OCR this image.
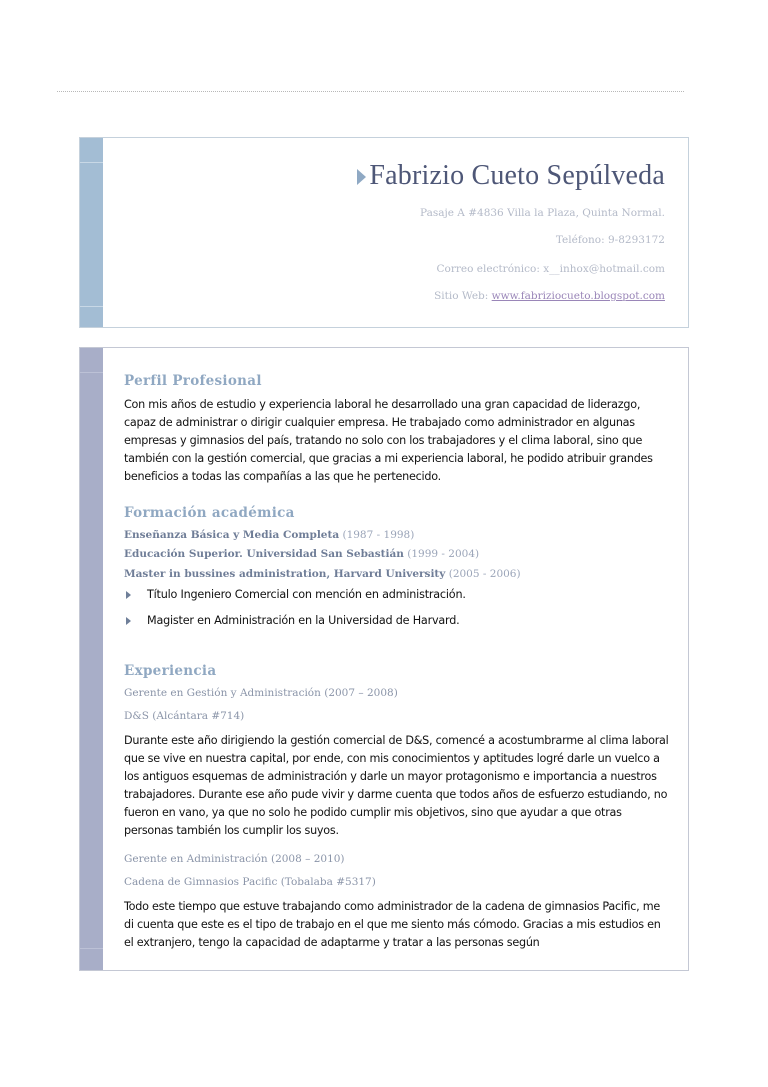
Fabrizio Cueto Sepúlveda
Pasaje A #4836 Villa la Plaza, Quinta Normal.
Teléfono: 9-8293172
Correo electrónico: x__inhox@hotmail.com
Sitio Web: www.fabriziocueto.blogspot.com
Perfil Profesional
Con mis años de estudio y experiencia laboral he desarrollado una gran capacidad de liderazgo, capaz de administrar o dirigir cualquier empresa. He trabajado como administrador en algunas empresas y gimnasios del país, tratando no solo con los trabajadores y el clima laboral, sino que también con la gestión comercial, que gracias a mi experiencia laboral, he podido atribuir grandes beneficios a todas las compañías a las que he pertenecido.
Formación académica
Enseñanza Básica y Media Completa (1987 - 1998)
Educación Superior. Universidad San Sebastián (1999 - 2004)
Master in bussines administration, Harvard University (2005 - 2006)
Título Ingeniero Comercial con mención en administración.
Magister en Administración en la Universidad de Harvard.
Experiencia
Gerente en Gestión y Administración (2007 – 2008)
D&S (Alcántara #714)
Durante este año dirigiendo la gestión comercial de D&S, comencé a acostumbrarme al clima laboral que se vive en nuestra capital, por ende, con mis conocimientos y aptitudes logré darle un vuelco a los antiguos esquemas de administración y darle un mayor protagonismo e importancia a nuestros trabajadores. Durante ese año pude vivir y darme cuenta que todos años de esfuerzo estudiando, no fueron en vano, ya que no solo he podido cumplir mis objetivos, sino que ayudar a que otras personas también los cumplir los suyos.
Gerente en Administración (2008 – 2010)
Cadena de Gimnasios Pacific (Tobalaba #5317)
Todo este tiempo que estuve trabajando como administrador de la cadena de gimnasios Pacific, me di cuenta que este es el tipo de trabajo en el que me siento más cómodo. Gracias a mis estudios en el extranjero, tengo la capacidad de adaptarme y tratar a las personas según
